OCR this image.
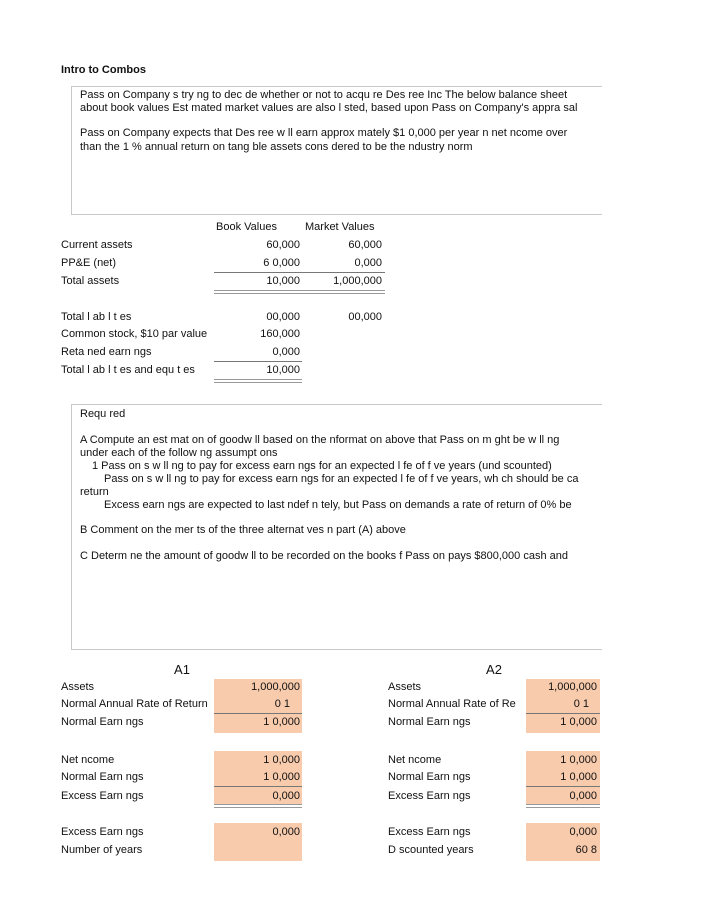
Intro to Combos
Pass on Company s try ng to dec de whether or not to acqu re Des ree Inc The below balance sheet
about book values Est mated market values are also l sted, based upon Pass on Company's appra sal
Pass on Company expects that Des ree w ll earn approx mately $1 0,000 per year n net ncome over
than the 1 % annual return on tang ble assets cons dered to be the ndustry norm
Book Values	Market Values
Current assets	60,000	60,000
PP&E (net)	6 0,000	0,000
Total assets	10,000	1,000,000
Total l ab l t es	00,000	00,000
Common stock, $10 par value	160,000
Reta ned earn ngs	0,000
Total l ab l t es and equ t es	10,000
Requ red
A Compute an est mat on of goodw ll based on the nformat on above that Pass on m ght be w ll ng
under each of the follow ng assumpt ons
1 Pass on s w ll ng to pay for excess earn ngs for an expected l fe of f ve years (und scounted)
Pass on s w ll ng to pay for excess earn ngs for an expected l fe of f ve years, wh ch should be ca
return
Excess earn ngs are expected to last ndef n tely, but Pass on demands a rate of return of 0% be
B Comment on the mer ts of the three alternat ves n part (A) above
C Determ ne the amount of goodw ll to be recorded on the books f Pass on pays $800,000 cash and
A1
Assets	1,000,000
Normal Annual Rate of Return	0 1
Normal Earn ngs	1 0,000
Net ncome	1 0,000
Normal Earn ngs	1 0,000
Excess Earn ngs	0,000
Excess Earn ngs	0,000
Number of years
A2
Assets	1,000,000
Normal Annual Rate of Re	0 1
Normal Earn ngs	1 0,000
Net ncome	1 0,000
Normal Earn ngs	1 0,000
Excess Earn ngs	0,000
Excess Earn ngs	0,000
D scounted years	60 8
